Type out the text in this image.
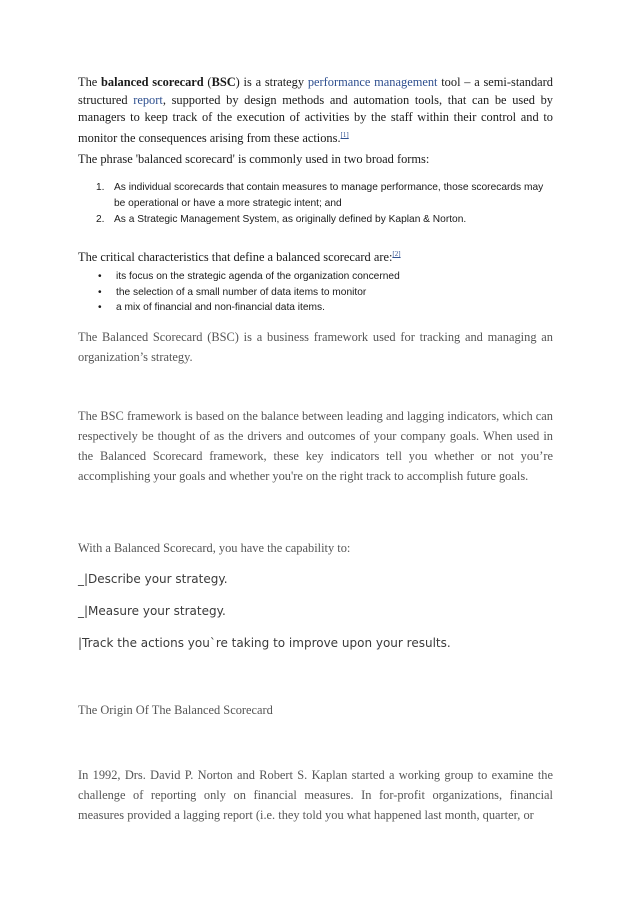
The balanced scorecard (BSC) is a strategy performance management tool – a semi-standard structured report, supported by design methods and automation tools, that can be used by managers to keep track of the execution of activities by the staff within their control and to monitor the consequences arising from these actions.[1]
The phrase 'balanced scorecard' is commonly used in two broad forms:
1. As individual scorecards that contain measures to manage performance, those scorecards may be operational or have a more strategic intent; and
2. As a Strategic Management System, as originally defined by Kaplan & Norton.
The critical characteristics that define a balanced scorecard are:[2]
• its focus on the strategic agenda of the organization concerned
• the selection of a small number of data items to monitor
• a mix of financial and non-financial data items.
The Balanced Scorecard (BSC) is a business framework used for tracking and managing an organization’s strategy.
The BSC framework is based on the balance between leading and lagging indicators, which can respectively be thought of as the drivers and outcomes of your company goals. When used in the Balanced Scorecard framework, these key indicators tell you whether or not you’re accomplishing your goals and whether you're on the right track to accomplish future goals.
With a Balanced Scorecard, you have the capability to:
_|Describe your strategy.
_|Measure your strategy.
|Track the actions you`re taking to improve upon your results.
The Origin Of The Balanced Scorecard
In 1992, Drs. David P. Norton and Robert S. Kaplan started a working group to examine the challenge of reporting only on financial measures. In for-profit organizations, financial measures provided a lagging report (i.e. they told you what happened last month, quarter, or
